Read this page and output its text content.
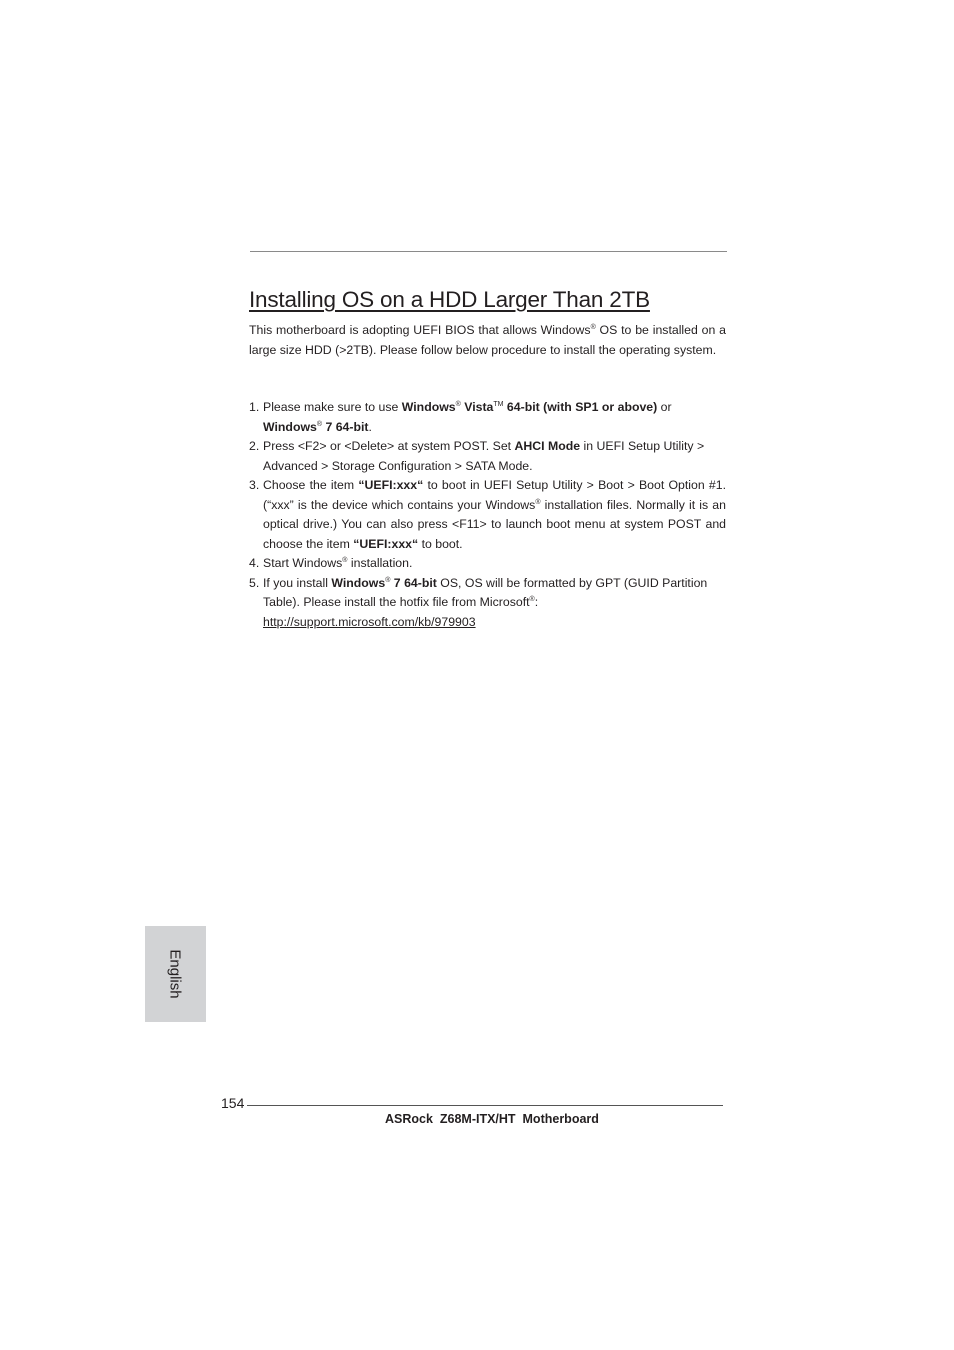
Installing OS on a HDD Larger Than 2TB

This motherboard is adopting UEFI BIOS that allows Windows® OS to be installed on a large size HDD (>2TB). Please follow below procedure to install the operating system.

1. Please make sure to use Windows® Vista™ 64-bit (with SP1 or above) or
Windows® 7 64-bit.
2. Press <F2> or <Delete> at system POST. Set AHCI Mode in UEFI Setup Utility >
Advanced > Storage Configuration > SATA Mode.
3. Choose the item “UEFI:xxx“ to boot in UEFI Setup Utility > Boot > Boot Option #1. (“xxx” is the device which contains your Windows® installation files. Normally it is an optical drive.) You can also press <F11> to launch boot menu at system POST and choose the item “UEFI:xxx“ to boot.
4. Start Windows® installation.
5. If you install Windows® 7 64-bit OS, OS will be formatted by GPT (GUID Partition Table). Please install the hotfix file from Microsoft®:
http://support.microsoft.com/kb/979903
English
154
ASRock  Z68M-ITX/HT  Motherboard
